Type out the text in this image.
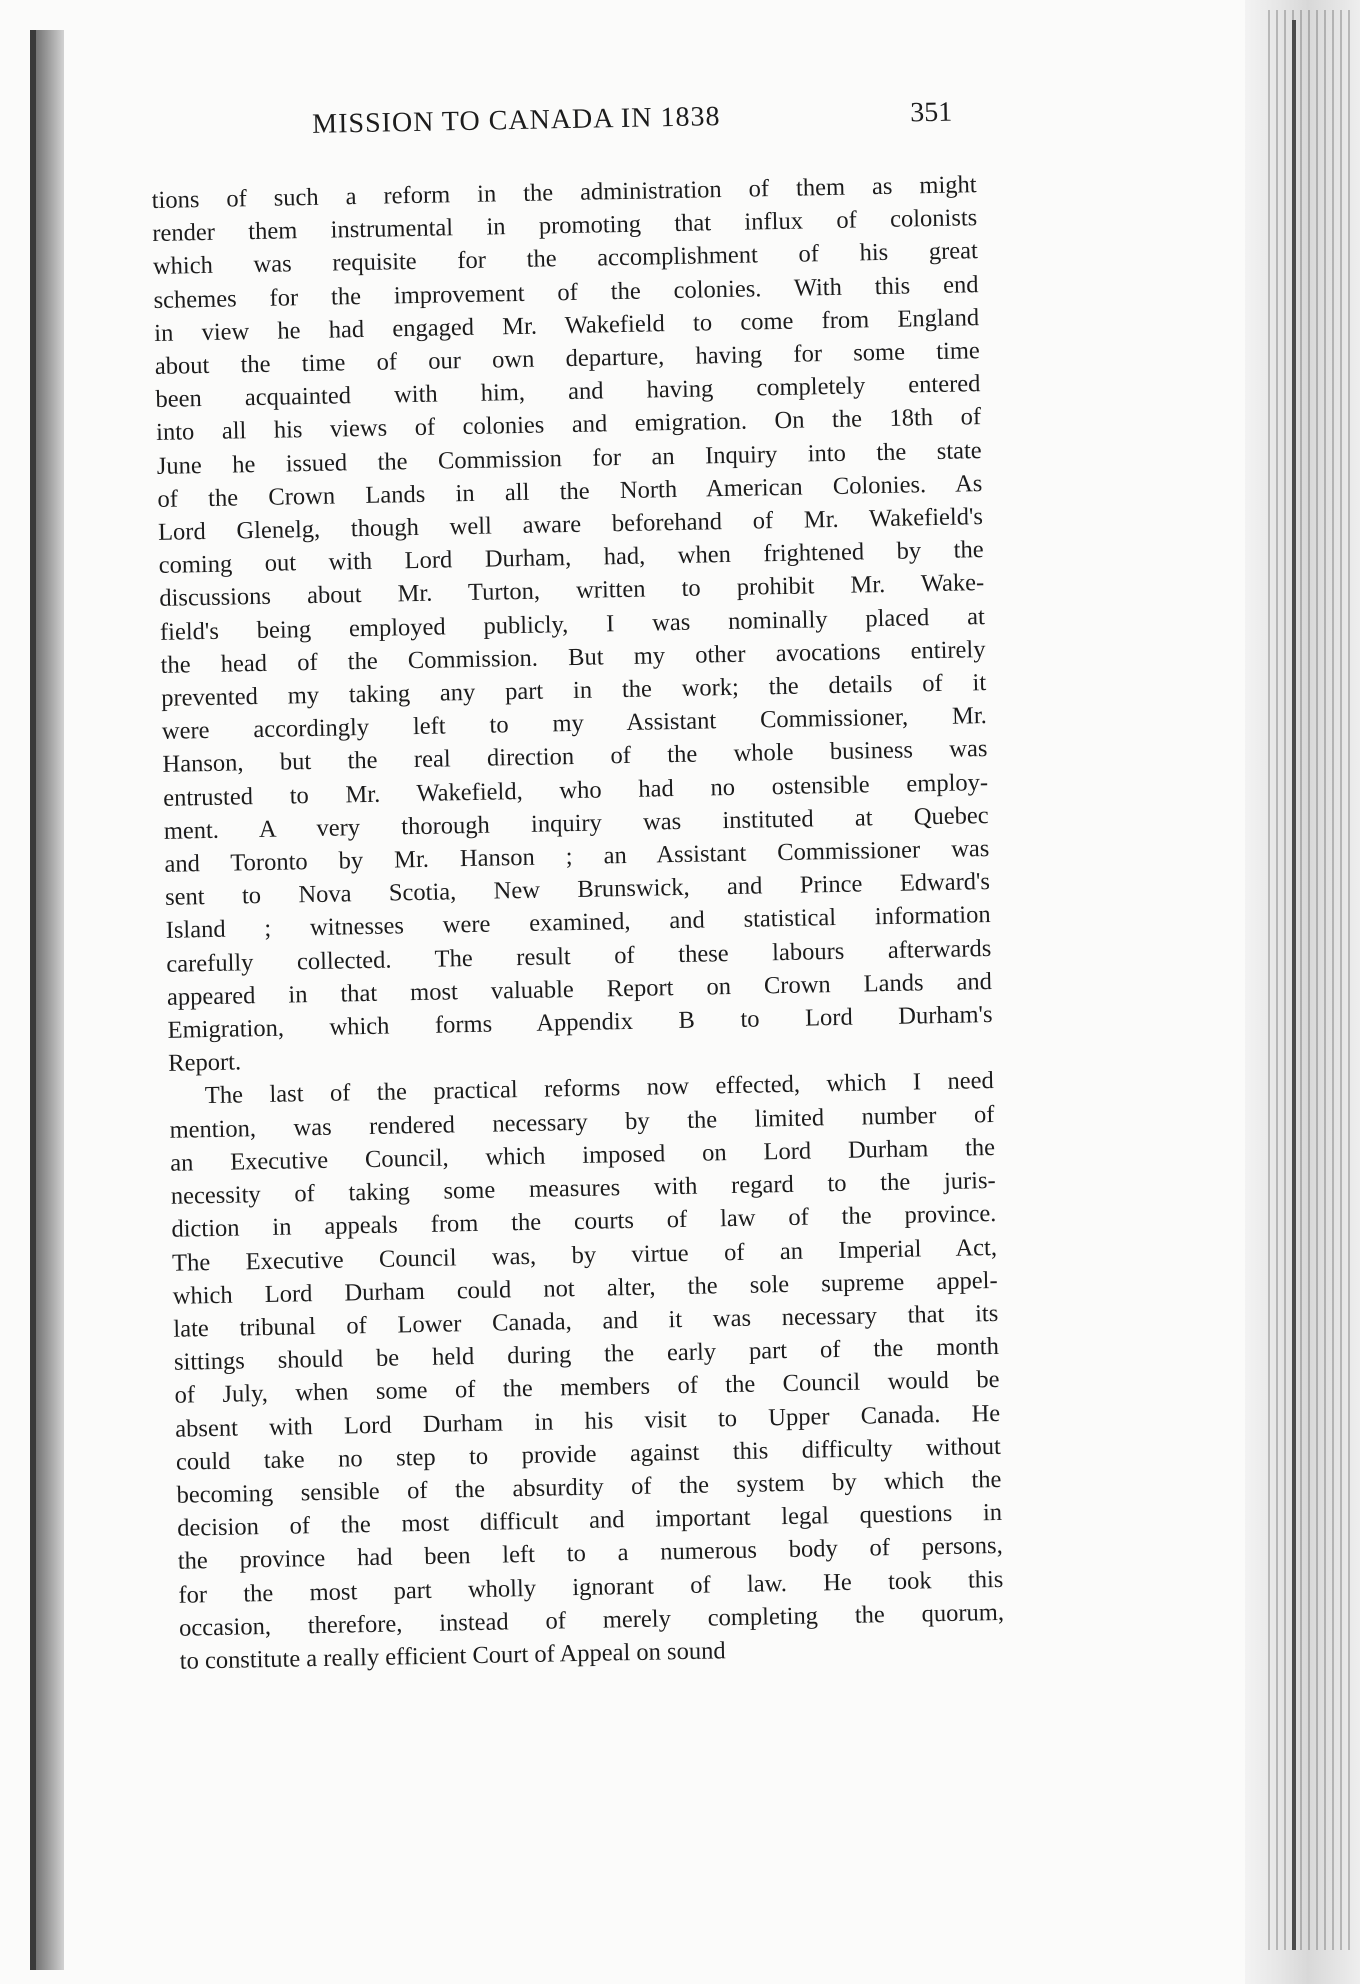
MISSION TO CANADA IN 1838	351
tions of such a reform in the administration of them as might
render them instrumental in promoting that influx of colonists
which was requisite for the accomplishment of his great
schemes for the improvement of the colonies. With this end
in view he had engaged Mr. Wakefield to come from England
about the time of our own departure, having for some time
been acquainted with him, and having completely entered
into all his views of colonies and emigration. On the 18th of
June he issued the Commission for an Inquiry into the state
of the Crown Lands in all the North American Colonies. As
Lord Glenelg, though well aware beforehand of Mr. Wakefield's
coming out with Lord Durham, had, when frightened by the
discussions about Mr. Turton, written to prohibit Mr. Wake-
field's being employed publicly, I was nominally placed at
the head of the Commission. But my other avocations entirely
prevented my taking any part in the work; the details of it
were accordingly left to my Assistant Commissioner, Mr.
Hanson, but the real direction of the whole business was
entrusted to Mr. Wakefield, who had no ostensible employ-
ment. A very thorough inquiry was instituted at Quebec
and Toronto by Mr. Hanson ; an Assistant Commissioner was
sent to Nova Scotia, New Brunswick, and Prince Edward's
Island ; witnesses were examined, and statistical information
carefully collected. The result of these labours afterwards
appeared in that most valuable Report on Crown Lands and
Emigration, which forms Appendix B to Lord Durham's
Report.
The last of the practical reforms now effected, which I need
mention, was rendered necessary by the limited number of
an Executive Council, which imposed on Lord Durham the
necessity of taking some measures with regard to the juris-
diction in appeals from the courts of law of the province.
The Executive Council was, by virtue of an Imperial Act,
which Lord Durham could not alter, the sole supreme appel-
late tribunal of Lower Canada, and it was necessary that its
sittings should be held during the early part of the month
of July, when some of the members of the Council would be
absent with Lord Durham in his visit to Upper Canada. He
could take no step to provide against this difficulty without
becoming sensible of the absurdity of the system by which the
decision of the most difficult and important legal questions in
the province had been left to a numerous body of persons,
for the most part wholly ignorant of law. He took this
occasion, therefore, instead of merely completing the quorum,
to constitute a really efficient Court of Appeal on sound
